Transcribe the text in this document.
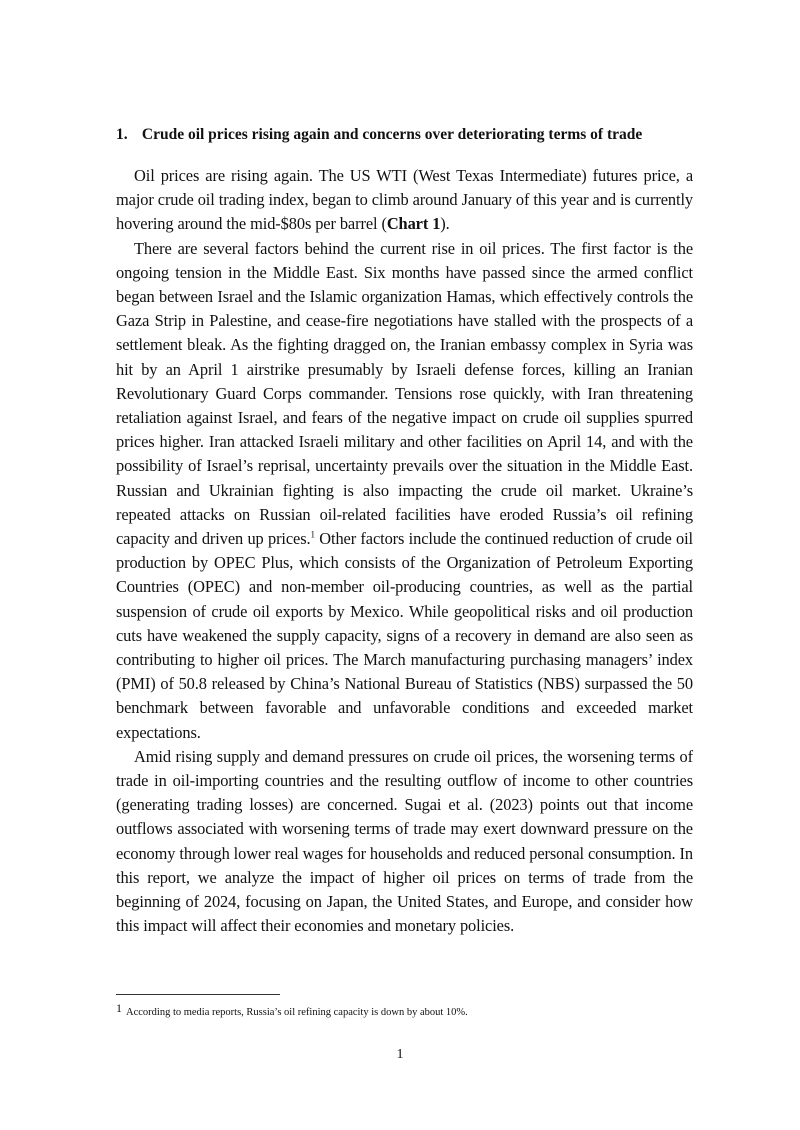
1. Crude oil prices rising again and concerns over deteriorating terms of trade

Oil prices are rising again. The US WTI (West Texas Intermediate) futures price, a major crude oil trading index, began to climb around January of this year and is currently hovering around the mid-$80s per barrel (Chart 1).

There are several factors behind the current rise in oil prices. The first factor is the ongoing tension in the Middle East. Six months have passed since the armed conflict began between Israel and the Islamic organization Hamas, which effectively controls the Gaza Strip in Palestine, and cease-fire negotiations have stalled with the prospects of a settlement bleak. As the fighting dragged on, the Iranian embassy complex in Syria was hit by an April 1 airstrike presumably by Israeli defense forces, killing an Iranian Revolutionary Guard Corps commander. Tensions rose quickly, with Iran threatening retaliation against Israel, and fears of the negative impact on crude oil supplies spurred prices higher. Iran attacked Israeli military and other facilities on April 14, and with the possibility of Israel’s reprisal, uncertainty prevails over the situation in the Middle East. Russian and Ukrainian fighting is also impacting the crude oil market. Ukraine’s repeated attacks on Russian oil-related facilities have eroded Russia’s oil refining capacity and driven up prices.$^1$ Other factors include the continued reduction of crude oil production by OPEC Plus, which consists of the Organization of Petroleum Exporting Countries (OPEC) and non-member oil-producing countries, as well as the partial suspension of crude oil exports by Mexico. While geopolitical risks and oil production cuts have weakened the supply capacity, signs of a recovery in demand are also seen as contributing to higher oil prices. The March manufacturing purchasing managers’ index (PMI) of 50.8 released by China’s National Bureau of Statistics (NBS) surpassed the 50 benchmark between favorable and unfavorable conditions and exceeded market expectations.

Amid rising supply and demand pressures on crude oil prices, the worsening terms of trade in oil-importing countries and the resulting outflow of income to other countries (generating trading losses) are concerned. Sugai et al. (2023) points out that income outflows associated with worsening terms of trade may exert downward pressure on the economy through lower real wages for households and reduced personal consumption. In this report, we analyze the impact of higher oil prices on terms of trade from the beginning of 2024, focusing on Japan, the United States, and Europe, and consider how this impact will affect their economies and monetary policies.

1 According to media reports, Russia’s oil refining capacity is down by about 10%.
1
